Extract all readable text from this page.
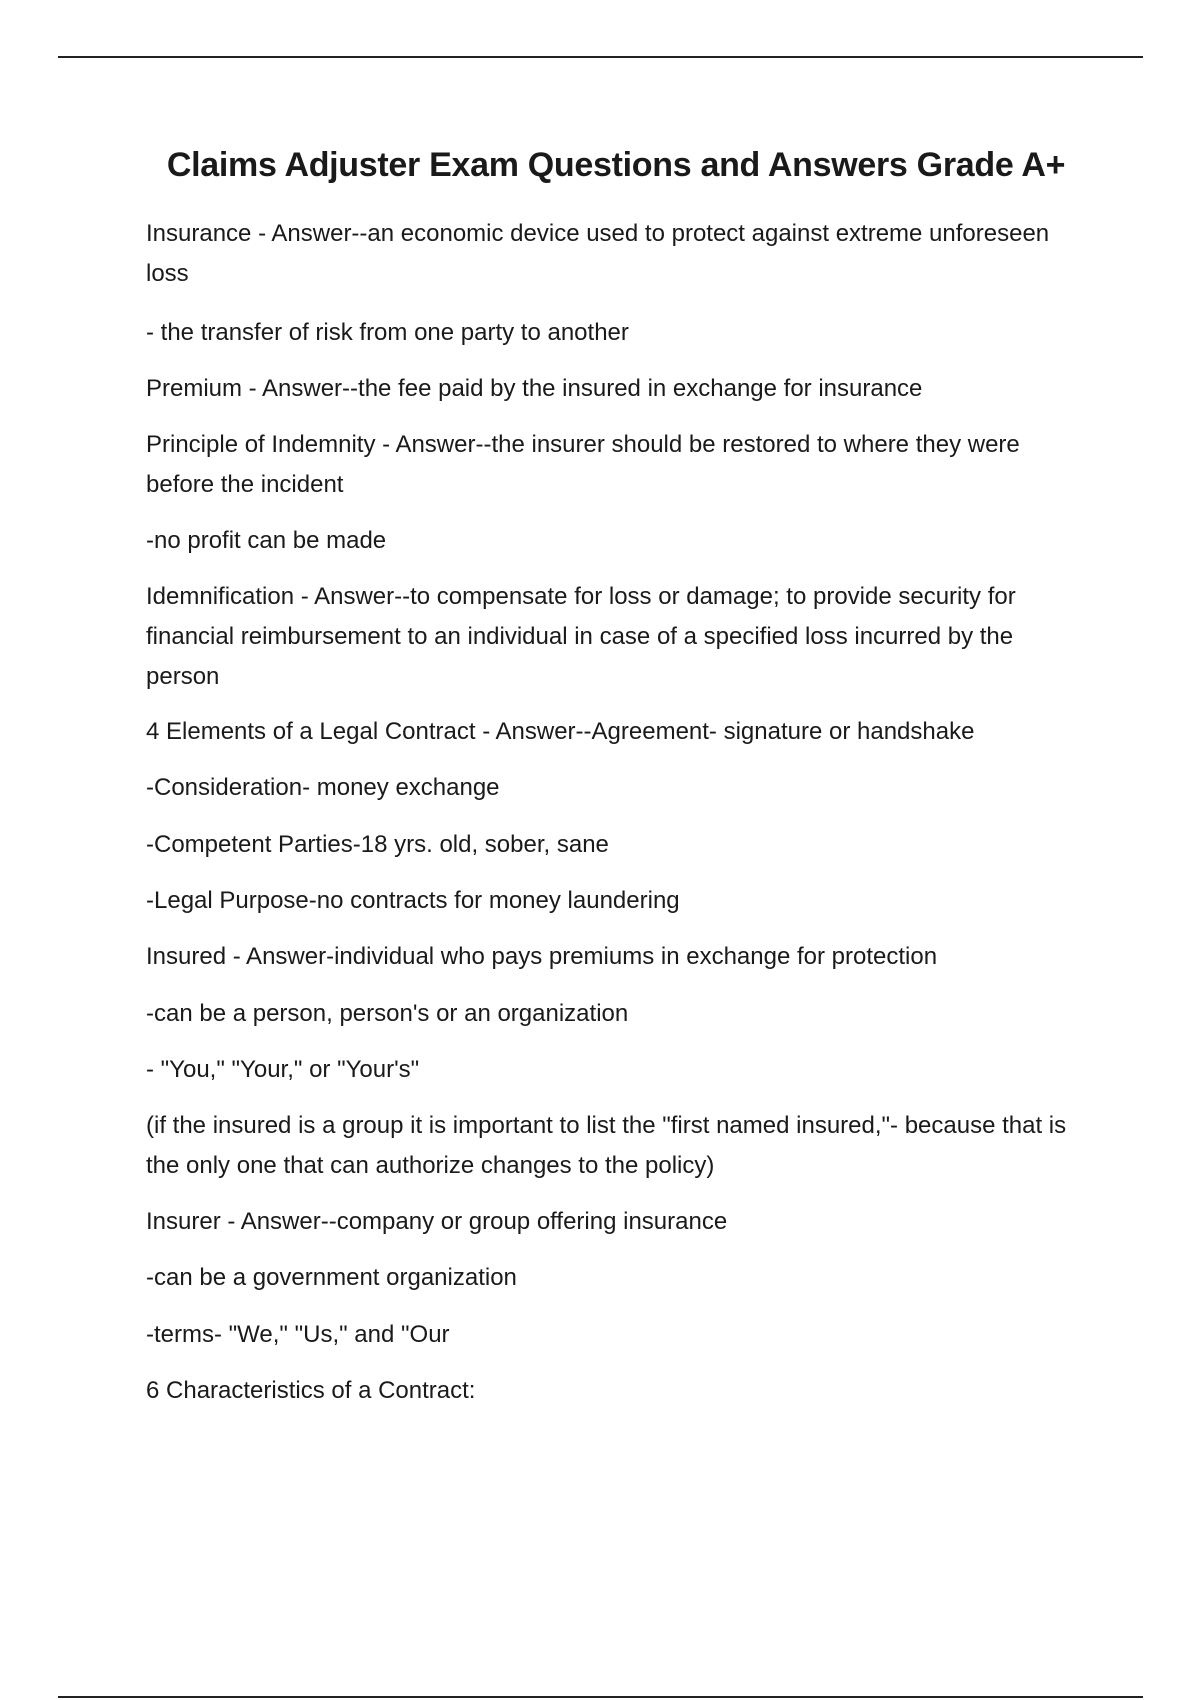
Claims Adjuster Exam Questions and Answers Grade A+

Insurance - Answer--an economic device used to protect against extreme unforeseen loss

- the transfer of risk from one party to another

Premium - Answer--the fee paid by the insured in exchange for insurance

Principle of Indemnity - Answer--the insurer should be restored to where they were before the incident

-no profit can be made

Idemnification - Answer--to compensate for loss or damage; to provide security for financial reimbursement to an individual in case of a specified loss incurred by the person

4 Elements of a Legal Contract - Answer--Agreement- signature or handshake

-Consideration- money exchange

-Competent Parties-18 yrs. old, sober, sane

-Legal Purpose-no contracts for money laundering

Insured - Answer-individual who pays premiums in exchange for protection

-can be a person, person's or an organization

- "You," "Your," or "Your's"

(if the insured is a group it is important to list the "first named insured,"- because that is the only one that can authorize changes to the policy)

Insurer - Answer--company or group offering insurance

-can be a government organization

-terms- "We," "Us," and "Our

6 Characteristics of a Contract:
